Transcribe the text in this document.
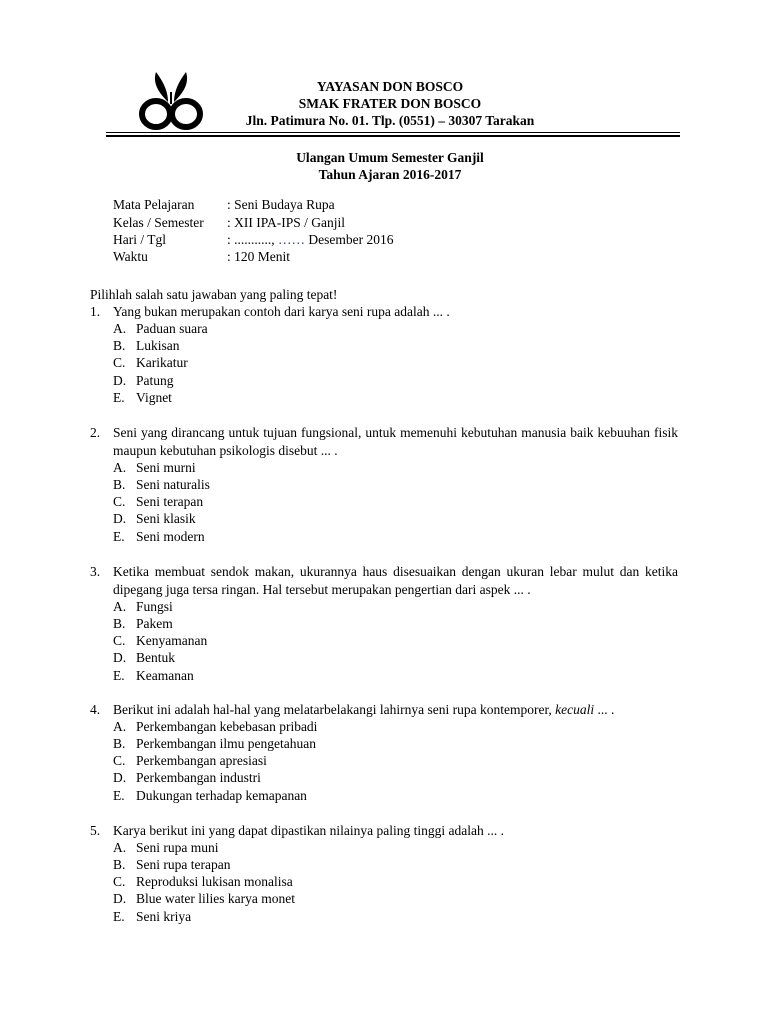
YAYASAN DON BOSCO
SMAK FRATER DON BOSCO
Jln. Patimura No. 01. Tlp. (0551) – 30307 Tarakan
Ulangan Umum Semester Ganjil
Tahun Ajaran 2016-2017
Mata Pelajaran : Seni Budaya Rupa
Kelas / Semester : XII IPA-IPS / Ganjil
Hari / Tgl	: ..........., …… Desember 2016
Waktu	: 120 Menit
Pilihlah salah satu jawaban yang paling tepat!
1. Yang bukan merupakan contoh dari karya seni rupa adalah ... .
A. Paduan suara
B. Lukisan
C. Karikatur
D. Patung
E. Vignet
2. Seni yang dirancang untuk tujuan fungsional, untuk memenuhi kebutuhan manusia baik kebuuhan fisik maupun kebutuhan psikologis disebut ... .
A. Seni murni
B. Seni naturalis
C. Seni terapan
D. Seni klasik
E. Seni modern
3. Ketika membuat sendok makan, ukurannya haus disesuaikan dengan ukuran lebar mulut dan ketika dipegang juga tersa ringan. Hal tersebut merupakan pengertian dari aspek ... .
A. Fungsi
B. Pakem
C. Kenyamanan
D. Bentuk
E. Keamanan
4. Berikut ini adalah hal-hal yang melatarbelakangi lahirnya seni rupa kontemporer, kecuali ... .
A. Perkembangan kebebasan pribadi
B. Perkembangan ilmu pengetahuan
C. Perkembangan apresiasi
D. Perkembangan industri
E. Dukungan terhadap kemapanan
5. Karya berikut ini yang dapat dipastikan nilainya paling tinggi adalah ... .
A. Seni rupa muni
B. Seni rupa terapan
C. Reproduksi lukisan monalisa
D. Blue water lilies karya monet
E. Seni kriya
